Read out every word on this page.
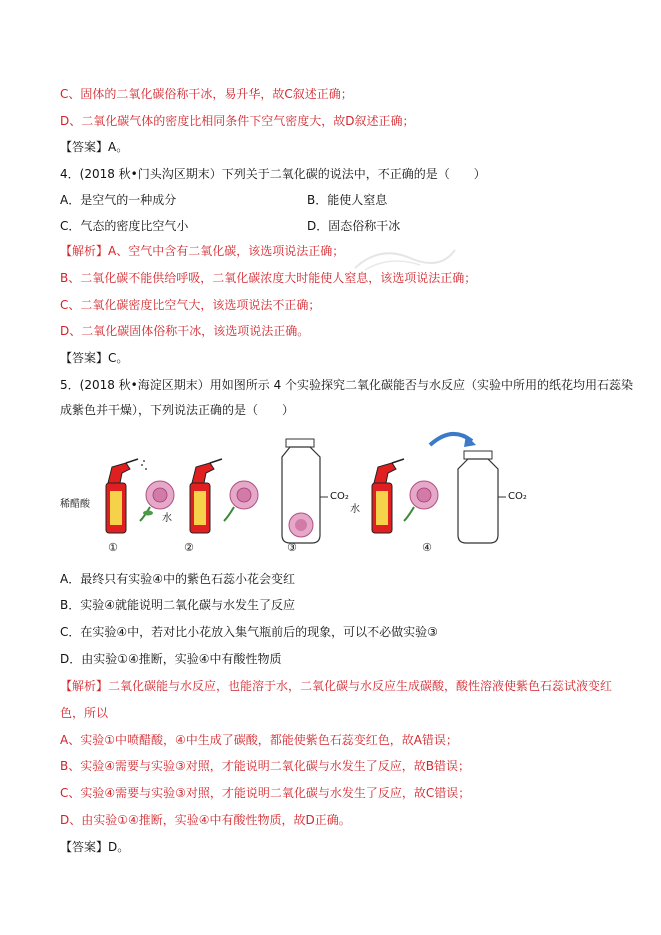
C、固体的二氧化碳俗称干冰，易升华，故C叙述正确；
D、二氧化碳气体的密度比相同条件下空气密度大，故D叙述正确；
【答案】A。
4．(2018 秋•门头沟区期末）下列关于二氧化碳的说法中，不正确的是（　　）
A．是空气的一种成分	B．能使人窒息
C．气态的密度比空气小	D．固态俗称干冰
【解析】A、空气中含有二氧化碳，该选项说法正确；
B、二氧化碳不能供给呼吸，二氧化碳浓度大时能使人窒息，该选项说法正确；
C、二氧化碳密度比空气大，该选项说法不正确；
D、二氧化碳固体俗称干冰，该选项说法正确。
【答案】C。
5．(2018 秋•海淀区期末）用如图所示 4 个实验探究二氧化碳能否与水反应（实验中所用的纸花均用石蕊染
成紫色并干燥），下列说法正确的是（　　）
稀醋酸
水
CO₂
水
CO₂
①	②	③	④
A．最终只有实验④中的紫色石蕊小花会变红
B．实验④就能说明二氧化碳与水发生了反应
C．在实验④中，若对比小花放入集气瓶前后的现象，可以不必做实验③
D．由实验①④推断，实验④中有酸性物质
【解析】二氧化碳能与水反应，也能溶于水，二氧化碳与水反应生成碳酸，酸性溶液使紫色石蕊试液变红
色，所以
A、实验①中喷醋酸，④中生成了碳酸，都能使紫色石蕊变红色，故A错误；
B、实验④需要与实验③对照，才能说明二氧化碳与水发生了反应，故B错误；
C、实验④需要与实验③对照，才能说明二氧化碳与水发生了反应，故C错误；
D、由实验①④推断，实验④中有酸性物质，故D正确。
【答案】D。
